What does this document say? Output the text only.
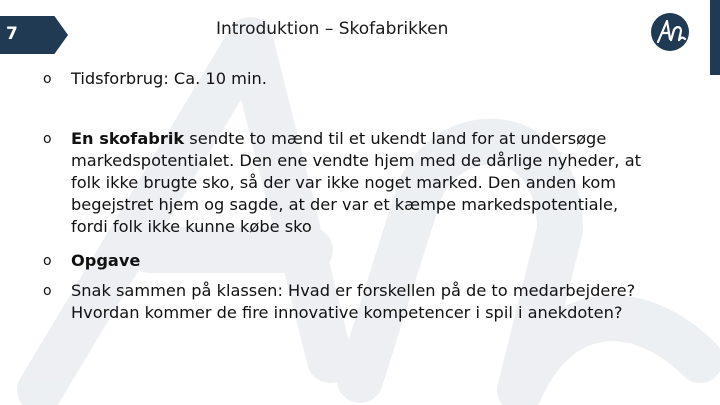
7	Introduktion – Skofabrikken
o Tidsforbrug: Ca. 10 min.
o En skofabrik sendte to mænd til et ukendt land for at undersøge markedspotentialet. Den ene vendte hjem med de dårlige nyheder, at folk ikke brugte sko, så der var ikke noget marked. Den anden kom begejstret hjem og sagde, at der var et kæmpe markedspotentiale, fordi folk ikke kunne købe sko
o Opgave
o Snak sammen på klassen: Hvad er forskellen på de to medarbejdere? Hvordan kommer de fire innovative kompetencer i spil i anekdoten?
